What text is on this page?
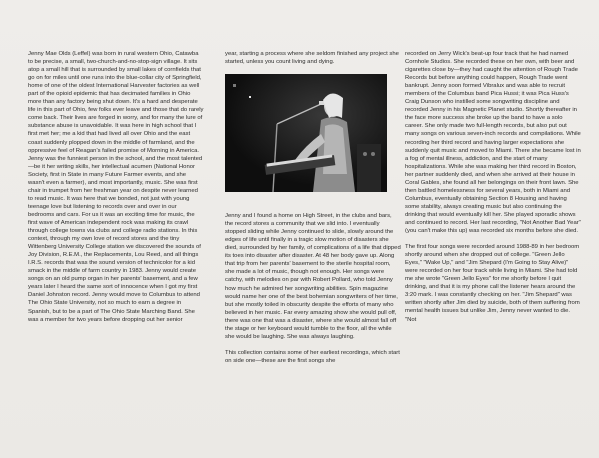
Jenny Mae Olds (Leffel) was born in rural western Ohio, Catawba to be precise, a small, two-church-and-no-stop-sign village. It sits atop a small hill that is surrounded by small lakes of cornfields that go on for miles until one runs into the blue-collar city of Springfield, home of one of the oldest International Harvester factories as well part of the opioid epidemic that has decimated families in Ohio more than any factory being shut down. It's a hard and desperate life in this part of Ohio, few folks ever leave and those that do rarely come back. Their lives are forged in worry, and for many the lure of substance abuse is unavoidable. It was here in high school that I first met her; me a kid that had lived all over Ohio and the east coast suddenly plopped down in the middle of farmland, and the oppressive feel of Reagan's failed promise of Morning in America. Jenny was the funniest person in the school, and the most talented—be it her writing skills, her intellectual acumen (National Honor Society, first in State in many Future Farmer events, and she wasn't even a farmer), and most importantly, music. She was first chair in trumpet from her freshman year on despite never learned to read music. It was here that we bonded, not just with young teenage love but listening to records over and over in our bedrooms and cars. For us it was an exciting time for music, the first wave of American independent rock was making its crawl through college towns via clubs and college radio stations. In this context, through my own love of record stores and the tiny Wittenberg University College station we discovered the sounds of Joy Division, R.E.M., the Replacements, Lou Reed, and all things I.R.S. records that was the sound version of technicolor for a kid smack in the middle of farm country in 1983. Jenny would create songs on an old pump organ in her parents' basement, and a few years later I heard the same sort of innocence when I got my first Daniel Johnston record. Jenny would move to Columbus to attend The Ohio State University, not so much to earn a degree in Spanish, but to be a part of The Ohio State Marching Band. She was a member for two years before dropping out her senior

year, starting a process where she seldom finished any project she started, unless you count living and dying.

Jenny and I found a home on High Street, in the clubs and bars, the record stores a community that we slid into. I eventually stopped sliding while Jenny continued to slide, slowly around the edges of life until finally in a tragic slow motion of disasters she died, surrounded by her family, of complications of a life that dipped its toes into disaster after disaster. At 48 her body gave up. Along that trip from her parents' basement to the sterile hospital room, she made a lot of music, though not enough. Her songs were catchy, with melodies on par with Robert Pollard, who told Jenny how much he admired her songwriting abilities. Spin magazine would name her one of the best bohemian songwriters of her time, but she mostly toiled in obscurity despite the efforts of many who believed in her music. Far every amazing show she would pull off, there was one that was a disaster, where she would almost fall off the stage or her keyboard would tumble to the floor, all the while she would be laughing. She was always laughing.

This collection contains some of her earliest recordings, which start on side one—these are the first songs she

recorded on Jerry Wick's beat-up four track that he had named Cornhole Studios. She recorded these on her own, with beer and cigarettes close by—they had caught the attention of Rough Trade Records but before anything could happen, Rough Trade went bankrupt. Jenny soon formed Vibralux and was able to recruit members of the Columbus band Pica Hussi; it was Pica Huss's Craig Dunson who instilled some songwriting discipline and recorded Jenny in his Magnetic Planet studio. Shortly thereafter in the face more success she broke up the band to have a solo career. She only made two full-length records, but also put out many songs on various seven-inch records and compilations. While recording her third record and having larger expectations she suddenly quit music and moved to Miami. There she became lost in a fog of mental illness, addiction, and the start of many hospitalizations. While she was making her third record in Boston, her partner suddenly died, and when she arrived at their house in Coral Gables, she found all her belongings on their front lawn. She then battled homelessness for several years, both in Miami and Columbus, eventually obtaining Section 8 Housing and having some stability, always creating music but also continuing the drinking that would eventually kill her. She played sporadic shows and continued to record. Her last recording, "Not Another Bad Year" (you can't make this up) was recorded six months before she died.

The first four songs were recorded around 1988-89 in her bedroom shortly around when she dropped out of college. "Green Jello Eyes," "Wake Up," and "Jim Shepard (I'm Going to Stay Alive)" were recorded on her four track while living in Miami. She had told me she wrote "Green Jello Eyes" for me shortly before I quit drinking, and that it is my phone call the listener hears around the 3:20 mark. I was constantly checking on her. "Jim Shepard" was written shortly after Jim died by suicide, both of them suffering from mental health issues but unlike Jim, Jenny never wanted to die. "Not
